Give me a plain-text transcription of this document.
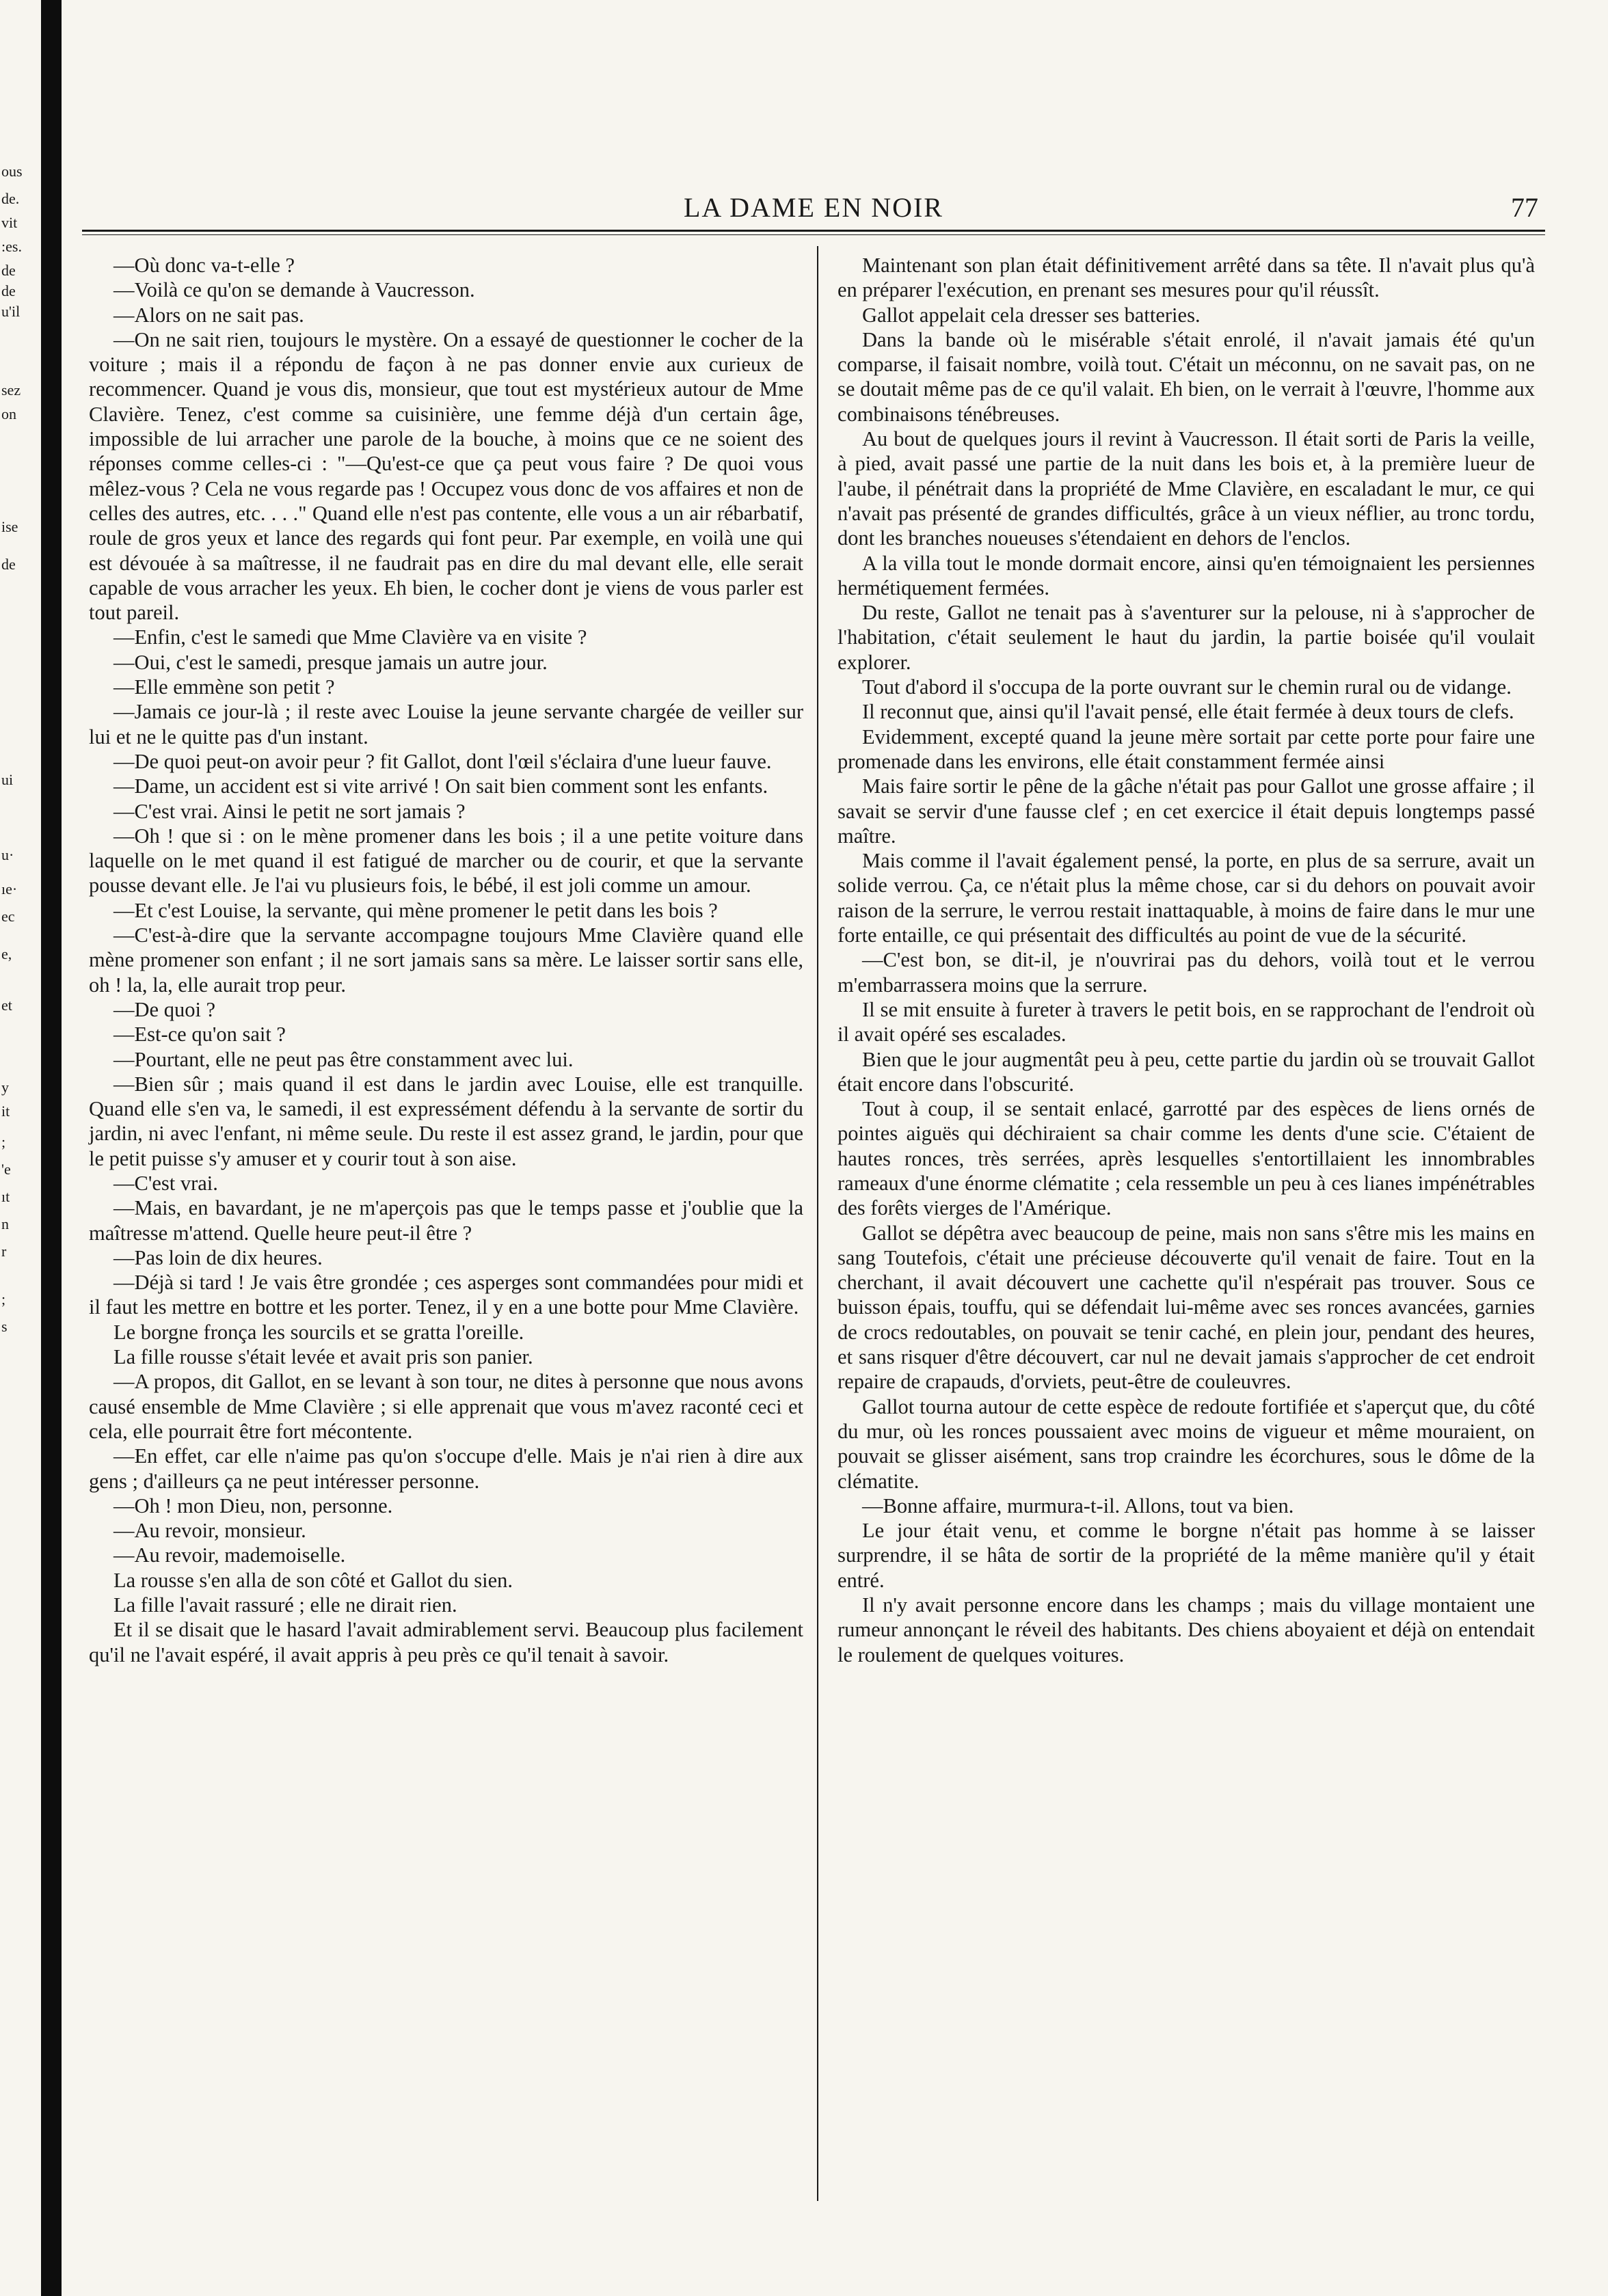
ous
de.
vit
:es.
de
de
u'il
sez
on
ise
de
ui
u·
ıe·
ec
e,
et
y
it
;
'e
ıt
n
r
;
s
LA DAME EN NOIR	77

—Où donc va-t-elle ?

—Voilà ce qu'on se demande à Vaucresson.

—Alors on ne sait pas.

—On ne sait rien, toujours le mystère. On a essayé de questionner le cocher de la voiture ; mais il a répondu de façon à ne pas donner envie aux curieux de recommencer. Quand je vous dis, monsieur, que tout est mystérieux autour de Mme Clavière. Tenez, c'est comme sa cuisinière, une femme déjà d'un certain âge, impossible de lui arracher une parole de la bouche, à moins que ce ne soient des réponses comme celles-ci : "—Qu'est-ce que ça peut vous faire ? De quoi vous mêlez-vous ? Cela ne vous regarde pas ! Occupez vous donc de vos affaires et non de celles des autres, etc. . . ." Quand elle n'est pas contente, elle vous a un air rébarbatif, roule de gros yeux et lance des regards qui font peur. Par exemple, en voilà une qui est dévouée à sa maîtresse, il ne faudrait pas en dire du mal devant elle, elle serait capable de vous arracher les yeux. Eh bien, le cocher dont je viens de vous parler est tout pareil.

—Enfin, c'est le samedi que Mme Clavière va en visite ?

—Oui, c'est le samedi, presque jamais un autre jour.

—Elle emmène son petit ?

—Jamais ce jour-là ; il reste avec Louise la jeune servante chargée de veiller sur lui et ne le quitte pas d'un instant.

—De quoi peut-on avoir peur ? fit Gallot, dont l'œil s'éclaira d'une lueur fauve.

—Dame, un accident est si vite arrivé ! On sait bien comment sont les enfants.

—C'est vrai. Ainsi le petit ne sort jamais ?

—Oh ! que si : on le mène promener dans les bois ; il a une petite voiture dans laquelle on le met quand il est fatigué de marcher ou de courir, et que la servante pousse devant elle. Je l'ai vu plusieurs fois, le bébé, il est joli comme un amour.

—Et c'est Louise, la servante, qui mène promener le petit dans les bois ?

—C'est-à-dire que la servante accompagne toujours Mme Clavière quand elle mène promener son enfant ; il ne sort jamais sans sa mère. Le laisser sortir sans elle, oh ! la, la, elle aurait trop peur.

—De quoi ?

—Est-ce qu'on sait ?

—Pourtant, elle ne peut pas être constamment avec lui.

—Bien sûr ; mais quand il est dans le jardin avec Louise, elle est tranquille. Quand elle s'en va, le samedi, il est expressément défendu à la servante de sortir du jardin, ni avec l'enfant, ni même seule. Du reste il est assez grand, le jardin, pour que le petit puisse s'y amuser et y courir tout à son aise.

—C'est vrai.

—Mais, en bavardant, je ne m'aperçois pas que le temps passe et j'oublie que la maîtresse m'attend. Quelle heure peut-il être ?

—Pas loin de dix heures.

—Déjà si tard ! Je vais être grondée ; ces asperges sont commandées pour midi et il faut les mettre en bottre et les porter. Tenez, il y en a une botte pour Mme Clavière.

Le borgne fronça les sourcils et se gratta l'oreille.

La fille rousse s'était levée et avait pris son panier.

—A propos, dit Gallot, en se levant à son tour, ne dites à personne que nous avons causé ensemble de Mme Clavière ; si elle apprenait que vous m'avez raconté ceci et cela, elle pourrait être fort mécontente.

—En effet, car elle n'aime pas qu'on s'occupe d'elle. Mais je n'ai rien à dire aux gens ; d'ailleurs ça ne peut intéresser personne.

—Oh ! mon Dieu, non, personne.

—Au revoir, monsieur.

—Au revoir, mademoiselle.

La rousse s'en alla de son côté et Gallot du sien.

La fille l'avait rassuré ; elle ne dirait rien.

Et il se disait que le hasard l'avait admirablement servi. Beaucoup plus facilement qu'il ne l'avait espéré, il avait appris à peu près ce qu'il tenait à savoir.

Maintenant son plan était définitivement arrêté dans sa tête. Il n'avait plus qu'à en préparer l'exécution, en prenant ses mesures pour qu'il réussît.

Gallot appelait cela dresser ses batteries.

Dans la bande où le misérable s'était enrolé, il n'avait jamais été qu'un comparse, il faisait nombre, voilà tout. C'était un méconnu, on ne savait pas, on ne se doutait même pas de ce qu'il valait. Eh bien, on le verrait à l'œuvre, l'homme aux combinaisons ténébreuses.

Au bout de quelques jours il revint à Vaucresson. Il était sorti de Paris la veille, à pied, avait passé une partie de la nuit dans les bois et, à la première lueur de l'aube, il pénétrait dans la propriété de Mme Clavière, en escaladant le mur, ce qui n'avait pas présenté de grandes difficultés, grâce à un vieux néflier, au tronc tordu, dont les branches noueuses s'étendaient en dehors de l'enclos.

A la villa tout le monde dormait encore, ainsi qu'en témoignaient les persiennes hermétiquement fermées.

Du reste, Gallot ne tenait pas à s'aventurer sur la pelouse, ni à s'approcher de l'habitation, c'était seulement le haut du jardin, la partie boisée qu'il voulait explorer.

Tout d'abord il s'occupa de la porte ouvrant sur le chemin rural ou de vidange.

Il reconnut que, ainsi qu'il l'avait pensé, elle était fermée à deux tours de clefs.

Evidemment, excepté quand la jeune mère sortait par cette porte pour faire une promenade dans les environs, elle était constamment fermée ainsi

Mais faire sortir le pêne de la gâche n'était pas pour Gallot une grosse affaire ; il savait se servir d'une fausse clef ; en cet exercice il était depuis longtemps passé maître.

Mais comme il l'avait également pensé, la porte, en plus de sa serrure, avait un solide verrou. Ça, ce n'était plus la même chose, car si du dehors on pouvait avoir raison de la serrure, le verrou restait inattaquable, à moins de faire dans le mur une forte entaille, ce qui présentait des difficultés au point de vue de la sécurité.

—C'est bon, se dit-il, je n'ouvrirai pas du dehors, voilà tout et le verrou m'embarrassera moins que la serrure.

Il se mit ensuite à fureter à travers le petit bois, en se rapprochant de l'endroit où il avait opéré ses escalades.

Bien que le jour augmentât peu à peu, cette partie du jardin où se trouvait Gallot était encore dans l'obscurité.

Tout à coup, il se sentait enlacé, garrotté par des espèces de liens ornés de pointes aiguës qui déchiraient sa chair comme les dents d'une scie. C'étaient de hautes ronces, très serrées, après lesquelles s'entortillaient les innombrables rameaux d'une énorme clématite ; cela ressemble un peu à ces lianes impénétrables des forêts vierges de l'Amérique.

Gallot se dépêtra avec beaucoup de peine, mais non sans s'être mis les mains en sang Toutefois, c'était une précieuse découverte qu'il venait de faire. Tout en la cherchant, il avait découvert une cachette qu'il n'espérait pas trouver. Sous ce buisson épais, touffu, qui se défendait lui-même avec ses ronces avancées, garnies de crocs redoutables, on pouvait se tenir caché, en plein jour, pendant des heures, et sans risquer d'être découvert, car nul ne devait jamais s'approcher de cet endroit repaire de crapauds, d'orviets, peut-être de couleuvres.

Gallot tourna autour de cette espèce de redoute fortifiée et s'aperçut que, du côté du mur, où les ronces poussaient avec moins de vigueur et même mouraient, on pouvait se glisser aisément, sans trop craindre les écorchures, sous le dôme de la clématite.

—Bonne affaire, murmura-t-il. Allons, tout va bien.

Le jour était venu, et comme le borgne n'était pas homme à se laisser surprendre, il se hâta de sortir de la propriété de la même manière qu'il y était entré.

Il n'y avait personne encore dans les champs ; mais du village montaient une rumeur annonçant le réveil des habitants. Des chiens aboyaient et déjà on entendait le roulement de quelques voitures.
